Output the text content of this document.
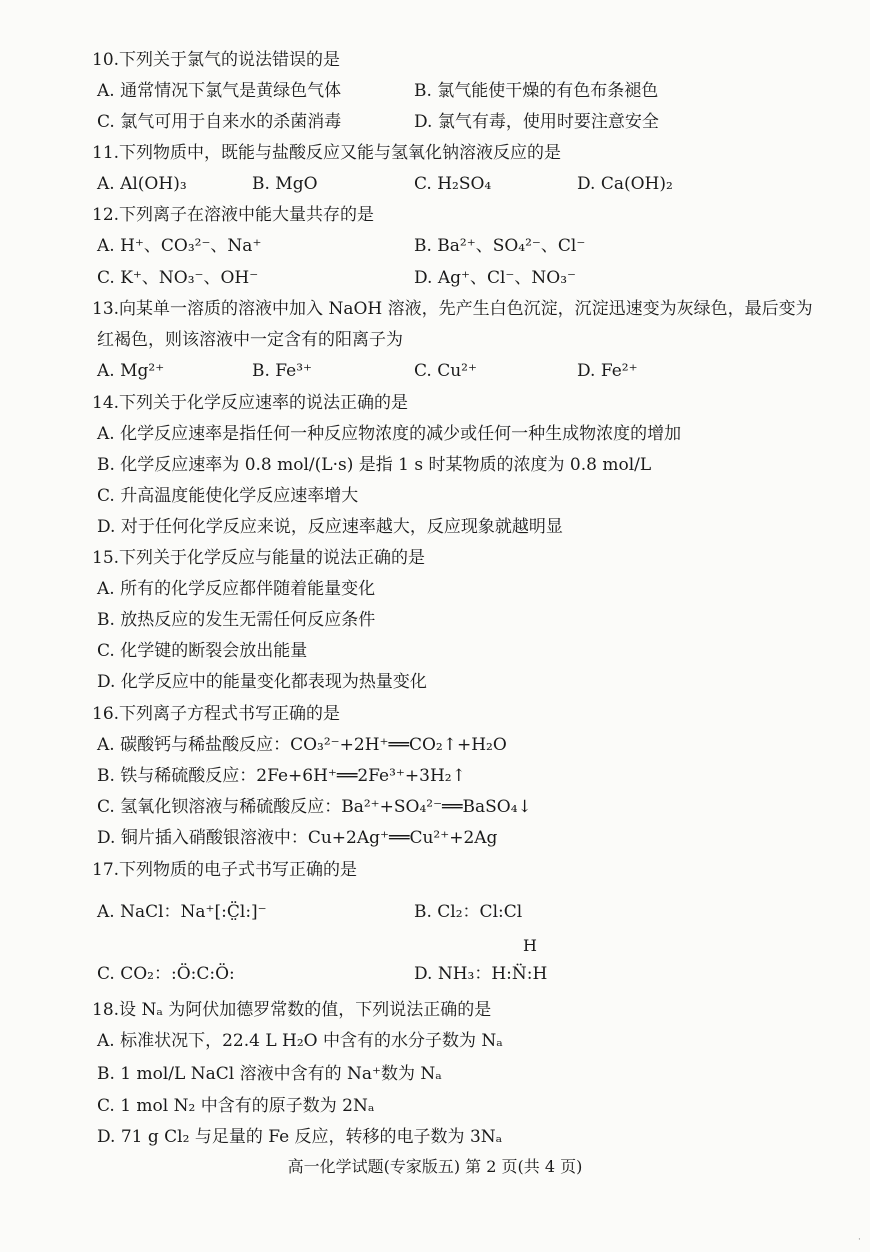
10.下列关于氯气的说法错误的是
A. 通常情况下氯气是黄绿色气体	B. 氯气能使干燥的有色布条褪色
C. 氯气可用于自来水的杀菌消毒	D. 氯气有毒，使用时要注意安全
11.下列物质中，既能与盐酸反应又能与氢氧化钠溶液反应的是
A. Al(OH)₃	B. MgO	C. H₂SO₄	D. Ca(OH)₂
12.下列离子在溶液中能大量共存的是
A. H⁺、CO₃²⁻、Na⁺	B. Ba²⁺、SO₄²⁻、Cl⁻
C. K⁺、NO₃⁻、OH⁻	D. Ag⁺、Cl⁻、NO₃⁻
13.向某单一溶质的溶液中加入 NaOH 溶液，先产生白色沉淀，沉淀迅速变为灰绿色，最后变为
红褐色，则该溶液中一定含有的阳离子为
A. Mg²⁺	B. Fe³⁺	C. Cu²⁺	D. Fe²⁺
14.下列关于化学反应速率的说法正确的是
A. 化学反应速率是指任何一种反应物浓度的减少或任何一种生成物浓度的增加
B. 化学反应速率为 0.8 mol/(L·s) 是指 1 s 时某物质的浓度为 0.8 mol/L
C. 升高温度能使化学反应速率增大
D. 对于任何化学反应来说，反应速率越大，反应现象就越明显
15.下列关于化学反应与能量的说法正确的是
A. 所有的化学反应都伴随着能量变化
B. 放热反应的发生无需任何反应条件
C. 化学键的断裂会放出能量
D. 化学反应中的能量变化都表现为热量变化
16.下列离子方程式书写正确的是
A. 碳酸钙与稀盐酸反应：CO₃²⁻+2H⁺══CO₂↑+H₂O
B. 铁与稀硫酸反应：2Fe+6H⁺══2Fe³⁺+3H₂↑
C. 氢氧化钡溶液与稀硫酸反应：Ba²⁺+SO₄²⁻══BaSO₄↓
D. 铜片插入硝酸银溶液中：Cu+2Ag⁺══Cu²⁺+2Ag
17.下列物质的电子式书写正确的是
A. NaCl：Na⁺[:C̤̈l:]⁻	B. Cl₂：Cl:Cl
H
C. CO₂：:Ö:C:Ö:	D. NH₃：H:N̈:H
18.设 Nₐ 为阿伏加德罗常数的值，下列说法正确的是
A. 标准状况下，22.4 L H₂O 中含有的水分子数为 Nₐ
B. 1 mol/L NaCl 溶液中含有的 Na⁺数为 Nₐ
C. 1 mol N₂ 中含有的原子数为 2Nₐ
D. 71 g Cl₂ 与足量的 Fe 反应，转移的电子数为 3Nₐ
高一化学试题(专家版五) 第 2 页(共 4 页)
·
